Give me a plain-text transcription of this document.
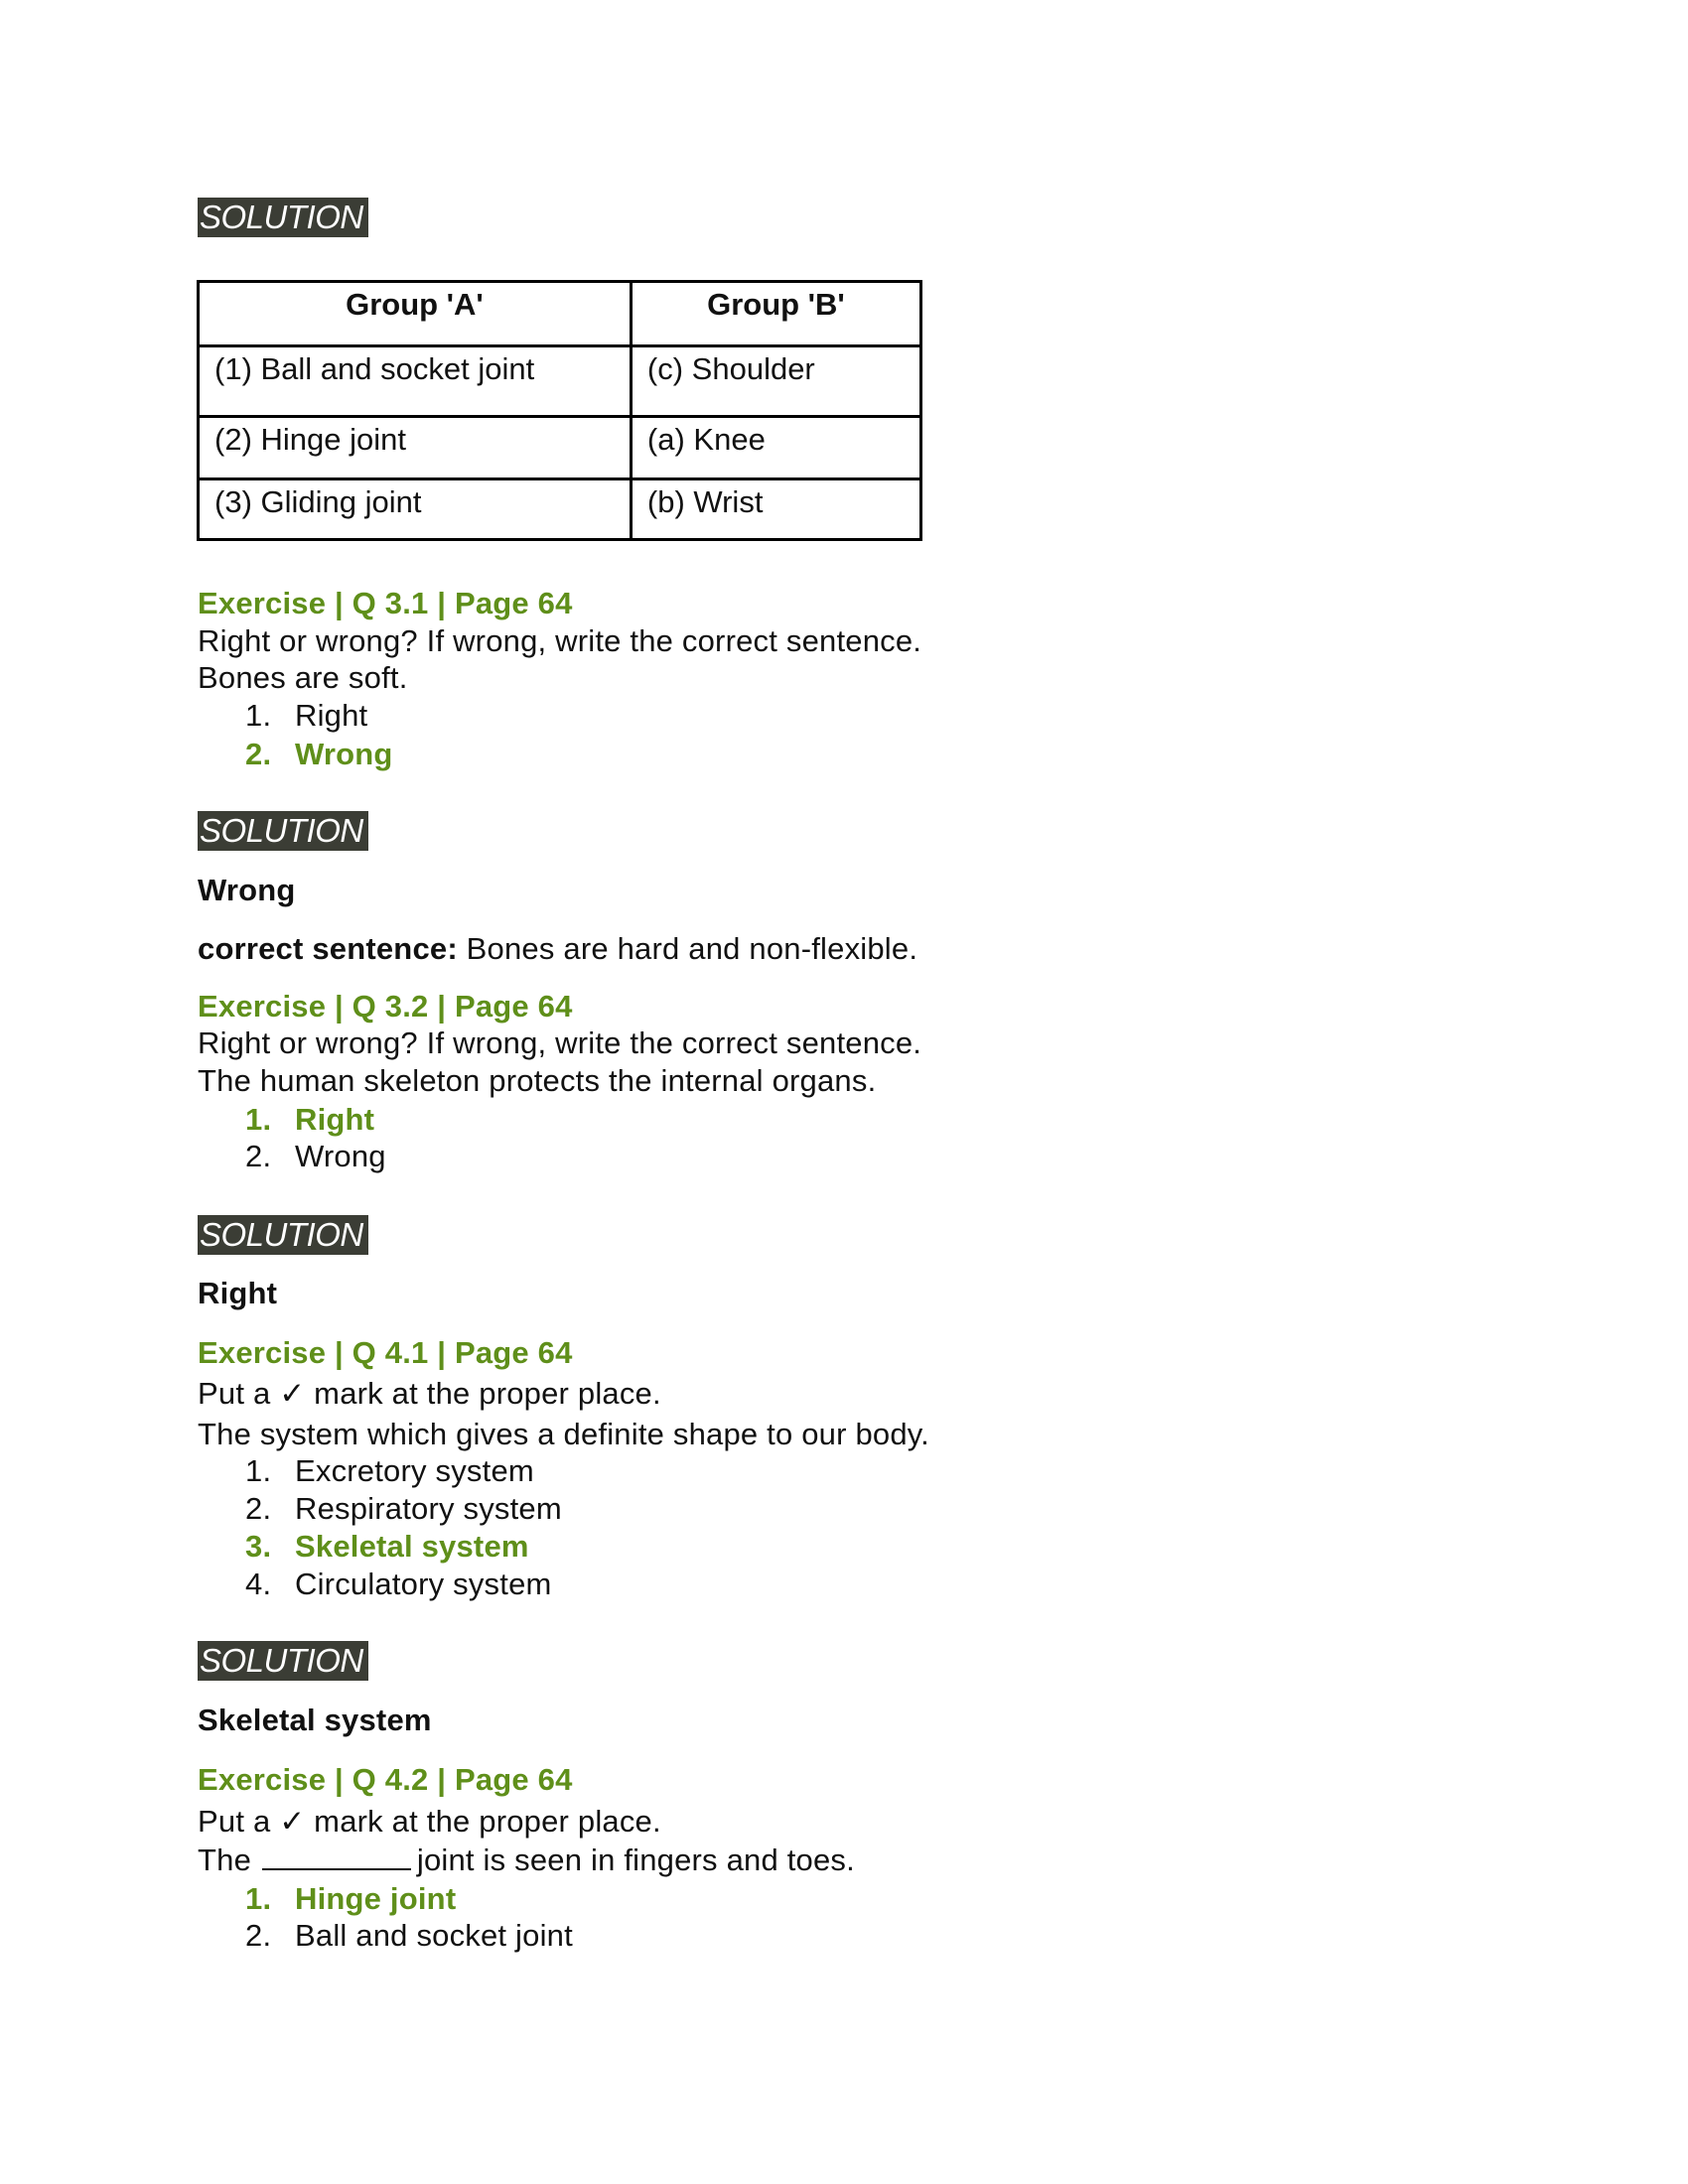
SOLUTION
Group 'A'	Group 'B'
(1) Ball and socket joint	(c) Shoulder
(2) Hinge joint	(a) Knee
(3) Gliding joint	(b) Wrist
Exercise | Q 3.1 | Page 64
Right or wrong? If wrong, write the correct sentence.
Bones are soft.
1. Right
2. Wrong
SOLUTION
Wrong
correct sentence: Bones are hard and non-flexible.
Exercise | Q 3.2 | Page 64
Right or wrong? If wrong, write the correct sentence.
The human skeleton protects the internal organs.
1. Right
2. Wrong
SOLUTION
Right
Exercise | Q 4.1 | Page 64
Put a ✓ mark at the proper place.
The system which gives a definite shape to our body.
1. Excretory system
2. Respiratory system
3. Skeletal system
4. Circulatory system
SOLUTION
Skeletal system
Exercise | Q 4.2 | Page 64
Put a ✓ mark at the proper place.
The	joint is seen in fingers and toes.
1. Hinge joint
2. Ball and socket joint
